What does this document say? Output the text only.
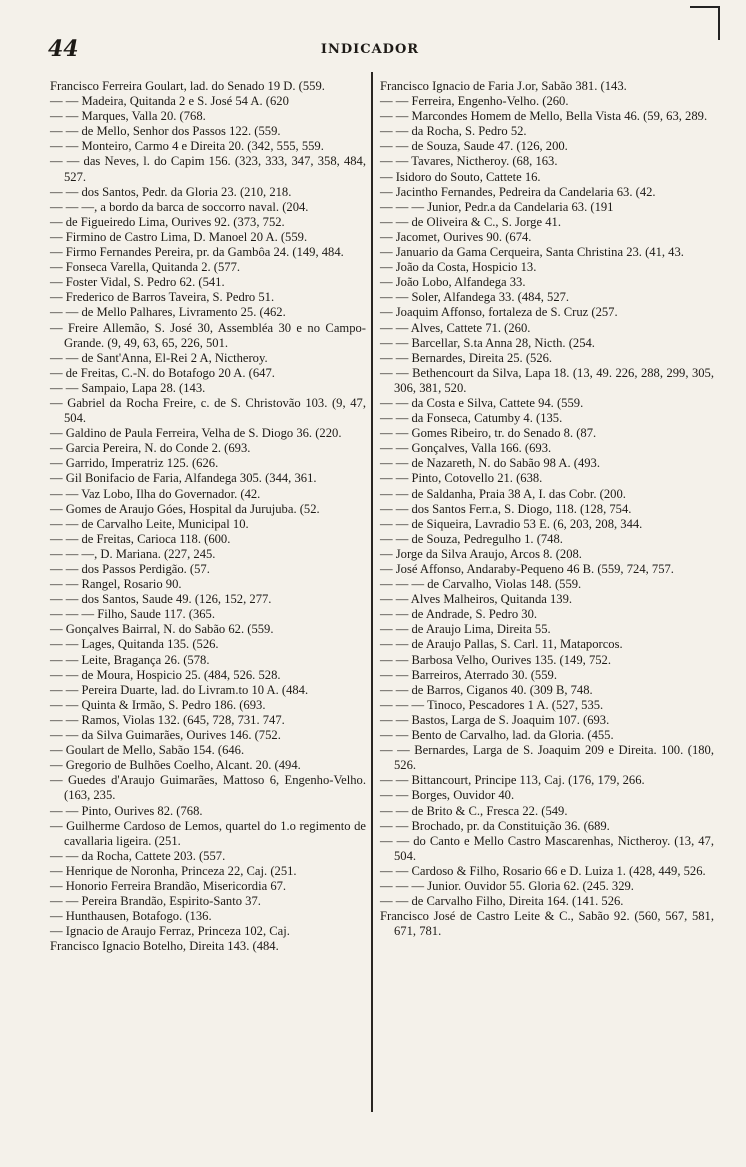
44	INDICADOR

Francisco Ferreira Goulart, lad. do Senado 19 D. (559.

— — Madeira, Quitanda 2 e S. José 54 A. (620

— — Marques, Valla 20. (768.

— — de Mello, Senhor dos Passos 122. (559.

— — Monteiro, Carmo 4 e Direita 20. (342, 555, 559.

— — das Neves, l. do Capim 156. (323, 333, 347, 358, 484, 527.

— — dos Santos, Pedr. da Gloria 23. (210, 218.

— — —, a bordo da barca de soccorro naval. (204.

— de Figueiredo Lima, Ourives 92. (373, 752.

— Firmino de Castro Lima, D. Manoel 20 A. (559.

— Firmo Fernandes Pereira, pr. da Gambôa 24. (149, 484.

— Fonseca Varella, Quitanda 2. (577.

— Foster Vidal, S. Pedro 62. (541.

— Frederico de Barros Taveira, S. Pedro 51.

— — de Mello Palhares, Livramento 25. (462.

— Freire Allemão, S. José 30, Assembléa 30 e no Campo-Grande. (9, 49, 63, 65, 226, 501.

— — de Sant'Anna, El-Rei 2 A, Nictheroy.

— de Freitas, C.-N. do Botafogo 20 A. (647.

— — Sampaio, Lapa 28. (143.

— Gabriel da Rocha Freire, c. de S. Christovão 103. (9, 47, 504.

— Galdino de Paula Ferreira, Velha de S. Diogo 36. (220.

— Garcia Pereira, N. do Conde 2. (693.

— Garrido, Imperatriz 125. (626.

— Gil Bonifacio de Faria, Alfandega 305. (344, 361.

— — Vaz Lobo, Ilha do Governador. (42.

— Gomes de Araujo Góes, Hospital da Jurujuba. (52.

— — de Carvalho Leite, Municipal 10.

— — de Freitas, Carioca 118. (600.

— — —, D. Mariana. (227, 245.

— — dos Passos Perdigão. (57.

— — Rangel, Rosario 90.

— — dos Santos, Saude 49. (126, 152, 277.

— — — Filho, Saude 117. (365.

— Gonçalves Bairral, N. do Sabão 62. (559.

— — Lages, Quitanda 135. (526.

— — Leite, Bragança 26. (578.

— — de Moura, Hospicio 25. (484, 526. 528.

— — Pereira Duarte, lad. do Livram.to 10 A. (484.

— — Quinta & Irmão, S. Pedro 186. (693.

— — Ramos, Violas 132. (645, 728, 731. 747.

— — da Silva Guimarães, Ourives 146. (752.

— Goulart de Mello, Sabão 154. (646.

— Gregorio de Bulhões Coelho, Alcant. 20. (494.

— Guedes d'Araujo Guimarães, Mattoso 6, Engenho-Velho. (163, 235.

— — Pinto, Ourives 82. (768.

— Guilherme Cardoso de Lemos, quartel do 1.o regimento de cavallaria ligeira. (251.

— — da Rocha, Cattete 203. (557.

— Henrique de Noronha, Princeza 22, Caj. (251.

— Honorio Ferreira Brandão, Misericordia 67.

— — Pereira Brandão, Espirito-Santo 37.

— Hunthausen, Botafogo. (136.

— Ignacio de Araujo Ferraz, Princeza 102, Caj.

Francisco Ignacio Botelho, Direita 143. (484.

Francisco Ignacio de Faria J.or, Sabão 381. (143.

— — Ferreira, Engenho-Velho. (260.

— — Marcondes Homem de Mello, Bella Vista 46. (59, 63, 289.

— — da Rocha, S. Pedro 52.

— — de Souza, Saude 47. (126, 200.

— — Tavares, Nictheroy. (68, 163.

— Isidoro do Souto, Cattete 16.

— Jacintho Fernandes, Pedreira da Candelaria 63. (42.

— — — Junior, Pedr.a da Candelaria 63. (191

— — de Oliveira & C., S. Jorge 41.

— Jacomet, Ourives 90. (674.

— Januario da Gama Cerqueira, Santa Christina 23. (41, 43.

— João da Costa, Hospicio 13.

— João Lobo, Alfandega 33.

— — Soler, Alfandega 33. (484, 527.

— Joaquim Affonso, fortaleza de S. Cruz (257.

— — Alves, Cattete 71. (260.

— — Barcellar, S.ta Anna 28, Nicth. (254.

— — Bernardes, Direita 25. (526.

— — Bethencourt da Silva, Lapa 18. (13, 49. 226, 288, 299, 305, 306, 381, 520.

— — da Costa e Silva, Cattete 94. (559.

— — da Fonseca, Catumby 4. (135.

— — Gomes Ribeiro, tr. do Senado 8. (87.

— — Gonçalves, Valla 166. (693.

— — de Nazareth, N. do Sabão 98 A. (493.

— — Pinto, Cotovello 21. (638.

— — de Saldanha, Praia 38 A, I. das Cobr. (200.

— — dos Santos Ferr.a, S. Diogo, 118. (128, 754.

— — de Siqueira, Lavradio 53 E. (6, 203, 208, 344.

— — de Souza, Pedregulho 1. (748.

— Jorge da Silva Araujo, Arcos 8. (208.

— José Affonso, Andaraby-Pequeno 46 B. (559, 724, 757.

— — — de Carvalho, Violas 148. (559.

— — Alves Malheiros, Quitanda 139.

— — de Andrade, S. Pedro 30.

— — de Araujo Lima, Direita 55.

— — de Araujo Pallas, S. Carl. 11, Mataporcos.

— — Barbosa Velho, Ourives 135. (149, 752.

— — Barreiros, Aterrado 30. (559.

— — de Barros, Ciganos 40. (309 B, 748.

— — — Tinoco, Pescadores 1 A. (527, 535.

— — Bastos, Larga de S. Joaquim 107. (693.

— — Bento de Carvalho, lad. da Gloria. (455.

— — Bernardes, Larga de S. Joaquim 209 e Direita. 100. (180, 526.

— — Bittancourt, Principe 113, Caj. (176, 179, 266.

— — Borges, Ouvidor 40.

— — de Brito & C., Fresca 22. (549.

— — Brochado, pr. da Constituição 36. (689.

— — do Canto e Mello Castro Mascarenhas, Nictheroy. (13, 47, 504.

— — Cardoso & Filho, Rosario 66 e D. Luiza 1. (428, 449, 526.

— — — Junior. Ouvidor 55. Gloria 62. (245. 329.

— — de Carvalho Filho, Direita 164. (141. 526.

Francisco José de Castro Leite & C., Sabão 92. (560, 567, 581, 671, 781.
